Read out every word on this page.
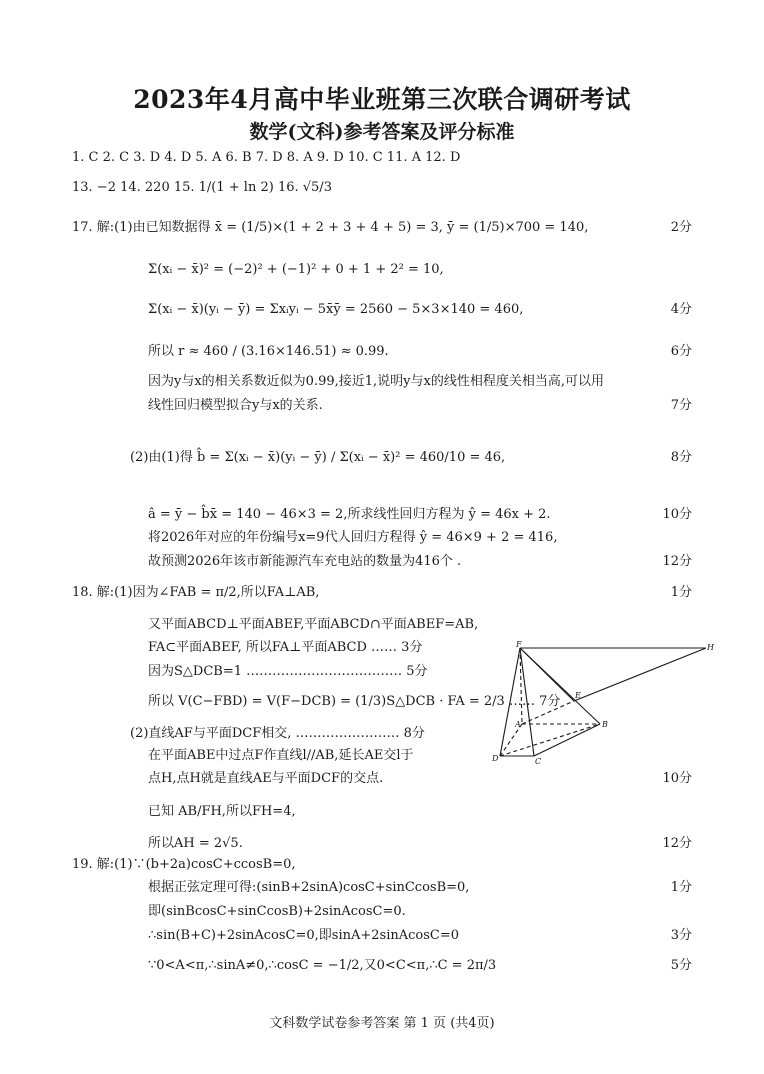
2023年4月高中毕业班第三次联合调研考试
数学(文科)参考答案及评分标准
1. C 2. C 3. D 4. D 5. A 6. B 7. D 8. A 9. D 10. C 11. A 12. D
13. −2 14. 220 15. 1/(1 + ln 2) 16. √5/3
17. 解:(1)由已知数据得 x̄ = (1/5)×(1 + 2 + 3 + 4 + 5) = 3, ȳ = (1/5)×700 = 140,	2分
Σ(xᵢ − x̄)² = (−2)² + (−1)² + 0 + 1 + 2² = 10,
Σ(xᵢ − x̄)(yᵢ − ȳ) = Σxᵢyᵢ − 5x̄ȳ = 2560 − 5×3×140 = 460,	4分
所以 r ≈ 460 / (3.16×146.51) ≈ 0.99.	6分
因为y与x的相关系数近似为0.99,接近1,说明y与x的线性相程度关相当高,可以用
线性回归模型拟合y与x的关系.	7分
(2)由(1)得 b̂ = Σ(xᵢ − x̄)(yᵢ − ȳ) / Σ(xᵢ − x̄)² = 460/10 = 46,	8分
â = ȳ − b̂x̄ = 140 − 46×3 = 2,所求线性回归方程为 ŷ = 46x + 2.	10分
将2026年对应的年份编号x=9代人回归方程得 ŷ = 46×9 + 2 = 416,
故预测2026年该市新能源汽车充电站的数量为416个 .	12分
18. 解:(1)因为∠FAB = π/2,所以FA⊥AB,	1分
又平面ABCD⊥平面ABEF,平面ABCD∩平面ABEF=AB,
FA⊂平面ABEF, 所以FA⊥平面ABCD …… 3分
因为S△DCB=1 ……………………………… 5分
所以 V(C−FBD) = V(F−DCB) = (1/3)S△DCB · FA = 2/3 …… 7分
(2)直线AF与平面DCF相交, …………………… 8分
在平面ABE中过点F作直线l//AB,延长AE交l于
点H,点H就是直线AE与平面DCF的交点.	10分
已知 AB/FH,所以FH=4,
所以AH = 2√5.	12分
F	H
E
A	B
D	C
19. 解:(1)∵(b+2a)cosC+ccosB=0,
根据正弦定理可得:(sinB+2sinA)cosC+sinCcosB=0,	1分
即(sinBcosC+sinCcosB)+2sinAcosC=0.
∴sin(B+C)+2sinAcosC=0,即sinA+2sinAcosC=0	3分
∵0<A<π,∴sinA≠0,∴cosC = −1/2,又0<C<π,∴C = 2π/3	5分
文科数学试卷参考答案 第 1 页 (共4页)
